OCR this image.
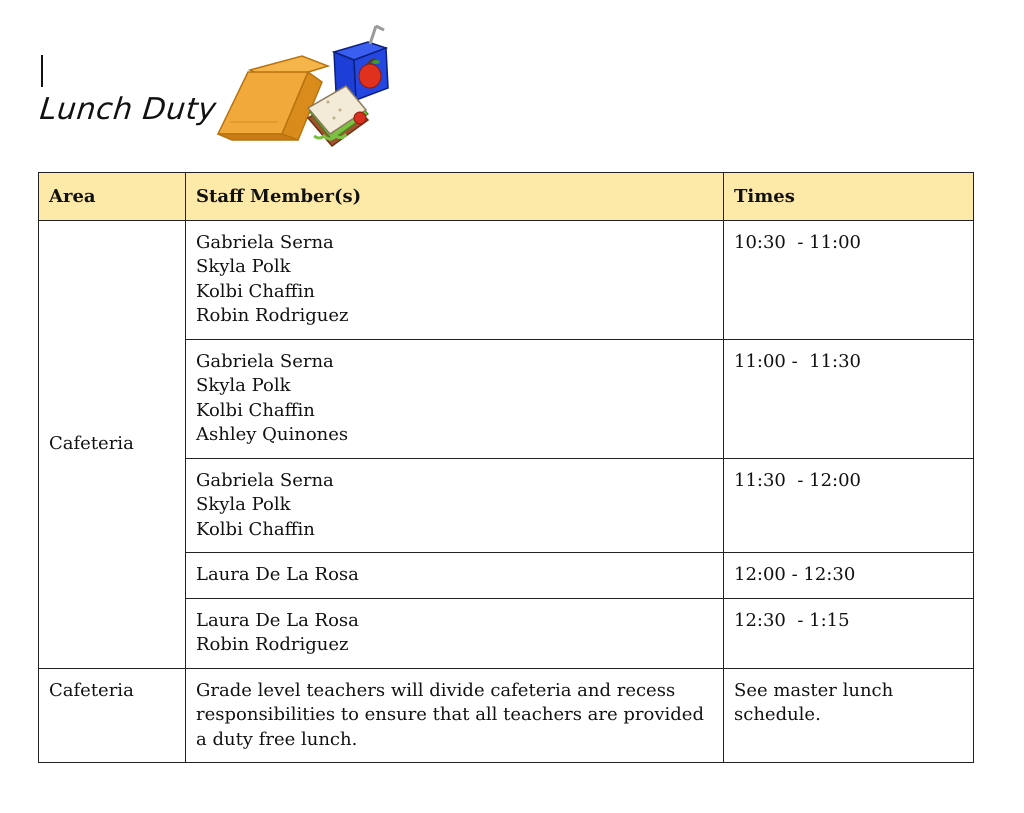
Lunch Duty
Area	Staff Member(s)	Times
Cafeteria	Gabriela Serna
Skyla Polk
Kolbi Chaffin
Robin Rodriguez	10:30  - 11:00

	Gabriela Serna
Skyla Polk
Kolbi Chaffin
Ashley Quinones	11:00 -  11:30

	Gabriela Serna
Skyla Polk
Kolbi Chaffin	11:30  - 12:00

	Laura De La Rosa	12:00 - 12:30

	Laura De La Rosa
Robin Rodriguez	12:30  - 1:15
Cafeteria	Grade level teachers will divide cafeteria and recess responsibilities to ensure that all teachers are provided a duty free lunch.	See master lunch schedule.
